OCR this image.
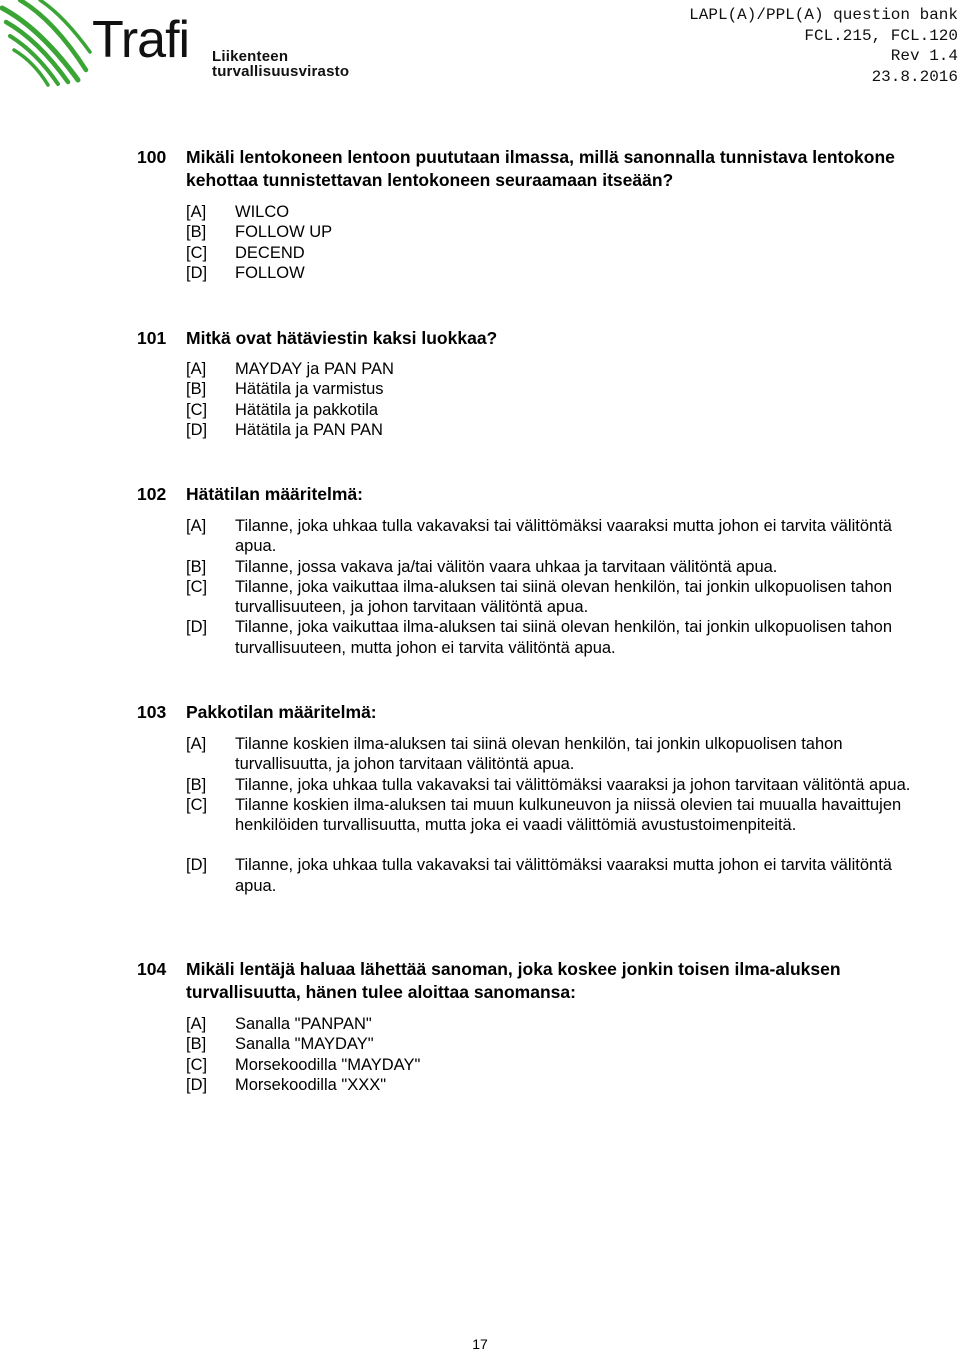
Trafi Liikenteen turvallisuusvirasto
LAPL(A)/PPL(A) question bank
FCL.215, FCL.120
Rev 1.4
23.8.2016
100	Mikäli lentokoneen lentoon puututaan ilmassa, millä sanonnalla tunnistava lentokone kehottaa tunnistettavan lentokoneen seuraamaan itseään?
[A]	WILCO
[B]	FOLLOW UP
[C]	DECEND
[D]	FOLLOW
101	Mitkä ovat hätäviestin kaksi luokkaa?
[A]	MAYDAY ja PAN PAN
[B]	Hätätila ja varmistus
[C]	Hätätila ja pakkotila
[D]	Hätätila ja PAN PAN
102	Hätätilan määritelmä:
[A]	Tilanne, joka uhkaa tulla vakavaksi tai välittömäksi vaaraksi mutta johon ei tarvita välitöntä apua.
[B]	Tilanne, jossa vakava ja/tai välitön vaara uhkaa ja tarvitaan välitöntä apua.
[C]	Tilanne, joka vaikuttaa ilma-aluksen tai siinä olevan henkilön, tai jonkin ulkopuolisen tahon turvallisuuteen, ja johon tarvitaan välitöntä apua.
[D]	Tilanne, joka vaikuttaa ilma-aluksen tai siinä olevan henkilön, tai jonkin ulkopuolisen tahon turvallisuuteen, mutta johon ei tarvita välitöntä apua.
103	Pakkotilan määritelmä:
[A]	Tilanne koskien ilma-aluksen tai siinä olevan henkilön, tai jonkin ulkopuolisen tahon turvallisuutta, ja johon tarvitaan välitöntä apua.
[B]	Tilanne, joka uhkaa tulla vakavaksi tai välittömäksi vaaraksi ja johon tarvitaan välitöntä apua.
[C]	Tilanne koskien ilma-aluksen tai muun kulkuneuvon ja niissä olevien tai muualla havaittujen henkilöiden turvallisuutta, mutta joka ei vaadi välittömiä avustustoimenpiteitä.
[D]	Tilanne, joka uhkaa tulla vakavaksi tai välittömäksi vaaraksi mutta johon ei tarvita välitöntä apua.
104	Mikäli lentäjä haluaa lähettää sanoman, joka koskee jonkin toisen ilma-aluksen turvallisuutta, hänen tulee aloittaa sanomansa:
[A]	Sanalla "PANPAN"
[B]	Sanalla "MAYDAY"
[C]	Morsekoodilla "MAYDAY"
[D]	Morsekoodilla "XXX"
17
